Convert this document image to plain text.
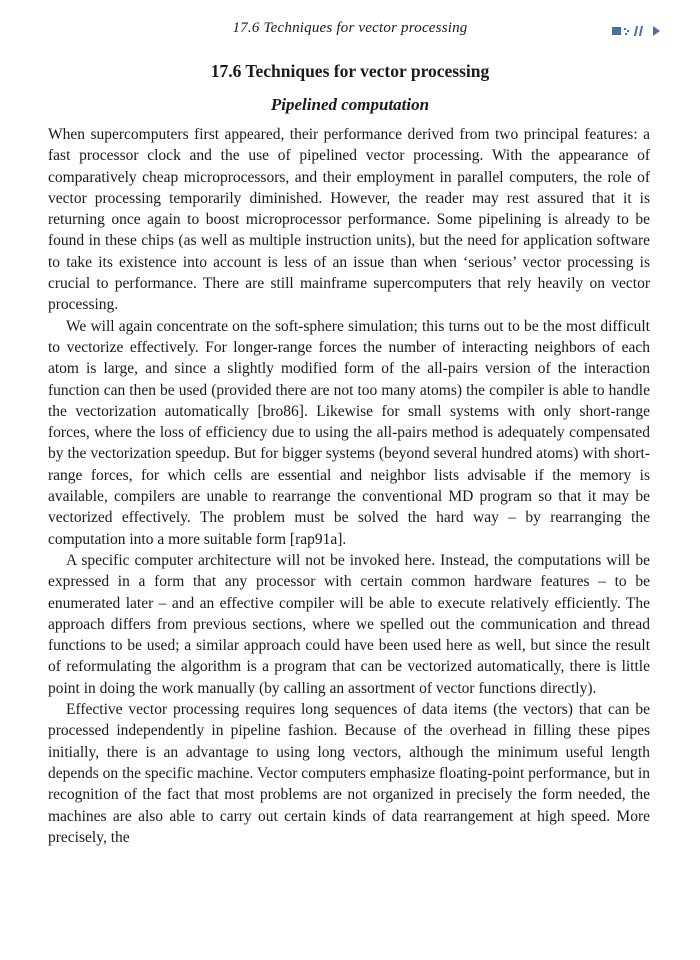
17.6 Techniques for vector processing
17.6 Techniques for vector processing
Pipelined computation

When supercomputers first appeared, their performance derived from two principal features: a fast processor clock and the use of pipelined vector processing. With the appearance of comparatively cheap microprocessors, and their employment in parallel computers, the role of vector processing temporarily diminished. However, the reader may rest assured that it is returning once again to boost microprocessor performance. Some pipelining is already to be found in these chips (as well as multiple instruction units), but the need for application software to take its existence into account is less of an issue than when ‘serious’ vector processing is crucial to performance. There are still mainframe supercomputers that rely heavily on vector processing.

We will again concentrate on the soft-sphere simulation; this turns out to be the most difficult to vectorize effectively. For longer-range forces the number of interacting neighbors of each atom is large, and since a slightly modified form of the all-pairs version of the interaction function can then be used (provided there are not too many atoms) the compiler is able to handle the vectorization automatically [bro86]. Likewise for small systems with only short-range forces, where the loss of efficiency due to using the all-pairs method is adequately compensated by the vectorization speedup. But for bigger systems (beyond several hundred atoms) with short-range forces, for which cells are essential and neighbor lists advisable if the memory is available, compilers are unable to rearrange the conventional MD program so that it may be vectorized effectively. The problem must be solved the hard way – by rearranging the computation into a more suitable form [rap91a].

A specific computer architecture will not be invoked here. Instead, the computations will be expressed in a form that any processor with certain common hardware features – to be enumerated later – and an effective compiler will be able to execute relatively efficiently. The approach differs from previous sections, where we spelled out the communication and thread functions to be used; a similar approach could have been used here as well, but since the result of reformulating the algorithm is a program that can be vectorized automatically, there is little point in doing the work manually (by calling an assortment of vector functions directly).

Effective vector processing requires long sequences of data items (the vectors) that can be processed independently in pipeline fashion. Because of the overhead in filling these pipes initially, there is an advantage to using long vectors, although the minimum useful length depends on the specific machine. Vector computers emphasize floating-point performance, but in recognition of the fact that most problems are not organized in precisely the form needed, the machines are also able to carry out certain kinds of data rearrangement at high speed. More precisely, the
